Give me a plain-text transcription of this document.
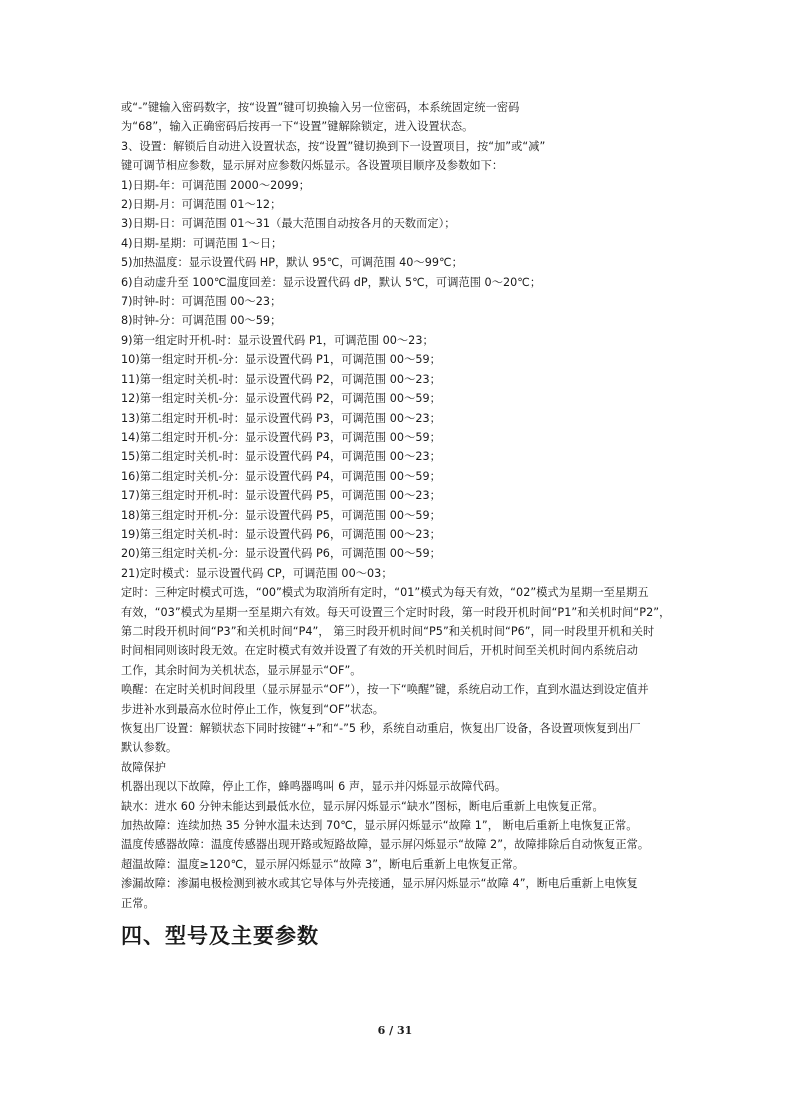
或“-”键输入密码数字，按“设置”键可切换输入另一位密码，本系统固定统一密码
为“68”，输入正确密码后按再一下“设置”键解除锁定，进入设置状态。
3、设置：解锁后自动进入设置状态，按“设置”键切换到下一设置项目，按“加”或“减”
键可调节相应参数，显示屏对应参数闪烁显示。各设置项目顺序及参数如下：
1)日期-年：可调范围 2000～2099；
2)日期-月：可调范围 01～12；
3)日期-日：可调范围 01～31（最大范围自动按各月的天数而定）；
4)日期-星期：可调范围 1～日；
5)加热温度：显示设置代码 HP，默认 95℃，可调范围 40～99℃；
6)自动虚升至 100℃温度回差：显示设置代码 dP，默认 5℃，可调范围 0～20℃；
7)时钟-时：可调范围 00～23；
8)时钟-分：可调范围 00～59；
9)第一组定时开机-时：显示设置代码 P1，可调范围 00～23；
10)第一组定时开机-分：显示设置代码 P1，可调范围 00～59；
11)第一组定时关机-时：显示设置代码 P2，可调范围 00～23；
12)第一组定时关机-分：显示设置代码 P2，可调范围 00～59；
13)第二组定时开机-时：显示设置代码 P3，可调范围 00～23；
14)第二组定时开机-分：显示设置代码 P3，可调范围 00～59；
15)第二组定时关机-时：显示设置代码 P4，可调范围 00～23；
16)第二组定时关机-分：显示设置代码 P4，可调范围 00～59；
17)第三组定时开机-时：显示设置代码 P5，可调范围 00～23；
18)第三组定时开机-分：显示设置代码 P5，可调范围 00～59；
19)第三组定时关机-时：显示设置代码 P6，可调范围 00～23；
20)第三组定时关机-分：显示设置代码 P6，可调范围 00～59；
21)定时模式：显示设置代码 CP，可调范围 00～03；
定时：三种定时模式可选，“00”模式为取消所有定时，“01”模式为每天有效，“02”模式为星期一至星期五
有效，“03”模式为星期一至星期六有效。每天可设置三个定时时段，第一时段开机时间“P1”和关机时间“P2”，
第二时段开机时间“P3”和关机时间“P4”， 第三时段开机时间“P5”和关机时间“P6”，同一时段里开机和关时
时间相同则该时段无效。在定时模式有效并设置了有效的开关机时间后，开机时间至关机时间内系统启动
工作，其余时间为关机状态，显示屏显示“OF”。
唤醒：在定时关机时间段里（显示屏显示“OF”），按一下“唤醒”键，系统启动工作，直到水温达到设定值并
步进补水到最高水位时停止工作，恢复到“OF”状态。
恢复出厂设置：解锁状态下同时按键“+”和“-”5 秒，系统自动重启，恢复出厂设备，各设置项恢复到出厂
默认参数。
故障保护
机器出现以下故障，停止工作，蜂鸣器鸣叫 6 声，显示并闪烁显示故障代码。
缺水：进水 60 分钟未能达到最低水位，显示屏闪烁显示“缺水”图标，断电后重新上电恢复正常。
加热故障：连续加热 35 分钟水温未达到 70℃，显示屏闪烁显示“故障 1”， 断电后重新上电恢复正常。
温度传感器故障：温度传感器出现开路或短路故障，显示屏闪烁显示“故障 2”，故障排除后自动恢复正常。
超温故障：温度≥120℃，显示屏闪烁显示“故障 3”，断电后重新上电恢复正常。
渗漏故障：渗漏电极检测到被水或其它导体与外壳接通，显示屏闪烁显示“故障 4”，断电后重新上电恢复
正常。
四、型号及主要参数
6 / 31
